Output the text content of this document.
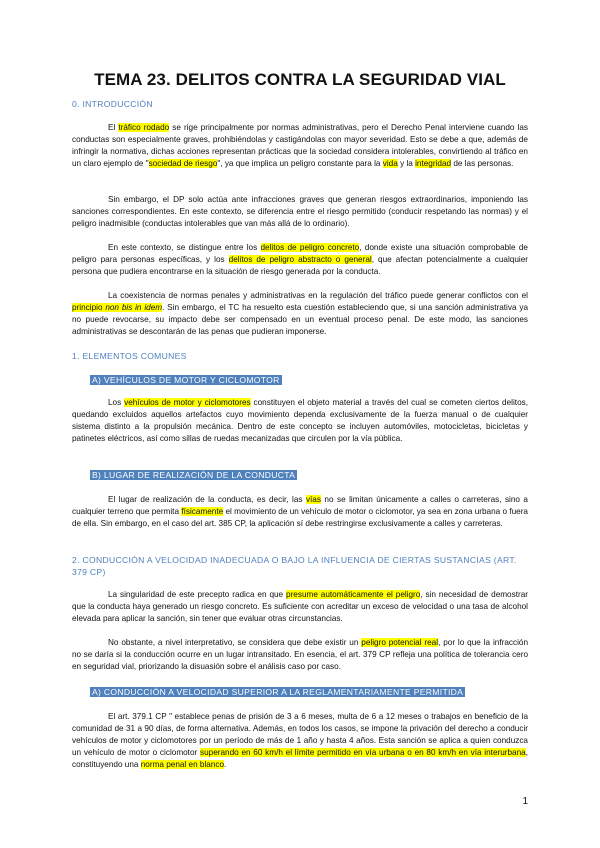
TEMA 23. DELITOS CONTRA LA SEGURIDAD VIAL
0. INTRODUCCIÓN

El tráfico rodado se rige principalmente por normas administrativas, pero el Derecho Penal interviene cuando las conductas son especialmente graves, prohibiéndolas y castigándolas con mayor severidad. Esto se debe a que, además de infringir la normativa, dichas acciones representan prácticas que la sociedad considera intolerables, convirtiendo al tráfico en un claro ejemplo de "sociedad de riesgo", ya que implica un peligro constante para la vida y la integridad de las personas.

Sin embargo, el DP solo actúa ante infracciones graves que generan riesgos extraordinarios, imponiendo las sanciones correspondientes. En este contexto, se diferencia entre el riesgo permitido (conducir respetando las normas) y el peligro inadmisible (conductas intolerables que van más allá de lo ordinario).

En este contexto, se distingue entre los delitos de peligro concreto, donde existe una situación comprobable de peligro para personas específicas, y los delitos de peligro abstracto o general, que afectan potencialmente a cualquier persona que pudiera encontrarse en la situación de riesgo generada por la conducta.

La coexistencia de normas penales y administrativas en la regulación del tráfico puede generar conflictos con el principio non bis in idem. Sin embargo, el TC ha resuelto esta cuestión estableciendo que, si una sanción administrativa ya no puede revocarse, su impacto debe ser compensado en un eventual proceso penal. De este modo, las sanciones administrativas se descontarán de las penas que pudieran imponerse.

1. ELEMENTOS COMUNES
A) VEHÍCULOS DE MOTOR Y CICLOMOTOR

Los vehículos de motor y ciclomotores constituyen el objeto material a través del cual se cometen ciertos delitos, quedando excluidos aquellos artefactos cuyo movimiento dependa exclusivamente de la fuerza manual o de cualquier sistema distinto a la propulsión mecánica. Dentro de este concepto se incluyen automóviles, motocicletas, bicicletas y patinetes eléctricos, así como sillas de ruedas mecanizadas que circulen por la vía pública.

B) LUGAR DE REALIZACIÓN DE LA CONDUCTA

El lugar de realización de la conducta, es decir, las vías no se limitan únicamente a calles o carreteras, sino a cualquier terreno que permita físicamente el movimiento de un vehículo de motor o ciclomotor, ya sea en zona urbana o fuera de ella. Sin embargo, en el caso del art. 385 CP, la aplicación sí debe restringirse exclusivamente a calles y carreteras.

2. CONDUCCIÓN A VELOCIDAD INADECUADA O BAJO LA INFLUENCIA DE CIERTAS SUSTANCIAS (ART. 379 CP)

La singularidad de este precepto radica en que presume automáticamente el peligro, sin necesidad de demostrar que la conducta haya generado un riesgo concreto. Es suficiente con acreditar un exceso de velocidad o una tasa de alcohol elevada para aplicar la sanción, sin tener que evaluar otras circunstancias.

No obstante, a nivel interpretativo, se considera que debe existir un peligro potencial real, por lo que la infracción no se daría si la conducción ocurre en un lugar intransitado. En esencia, el art. 379 CP refleja una política de tolerancia cero en seguridad vial, priorizando la disuasión sobre el análisis caso por caso.

A) CONDUCCIÓN A VELOCIDAD SUPERIOR A LA REGLAMENTARIAMENTE PERMITIDA

El art. 379.1 CP " establece penas de prisión de 3 a 6 meses, multa de 6 a 12 meses o trabajos en beneficio de la comunidad de 31 a 90 días, de forma alternativa. Además, en todos los casos, se impone la privación del derecho a conducir vehículos de motor y ciclomotores por un período de más de 1 año y hasta 4 años. Esta sanción se aplica a quien conduzca un vehículo de motor o ciclomotor superando en 60 km/h el límite permitido en vía urbana o en 80 km/h en vía interurbana, constituyendo una norma penal en blanco.

1
